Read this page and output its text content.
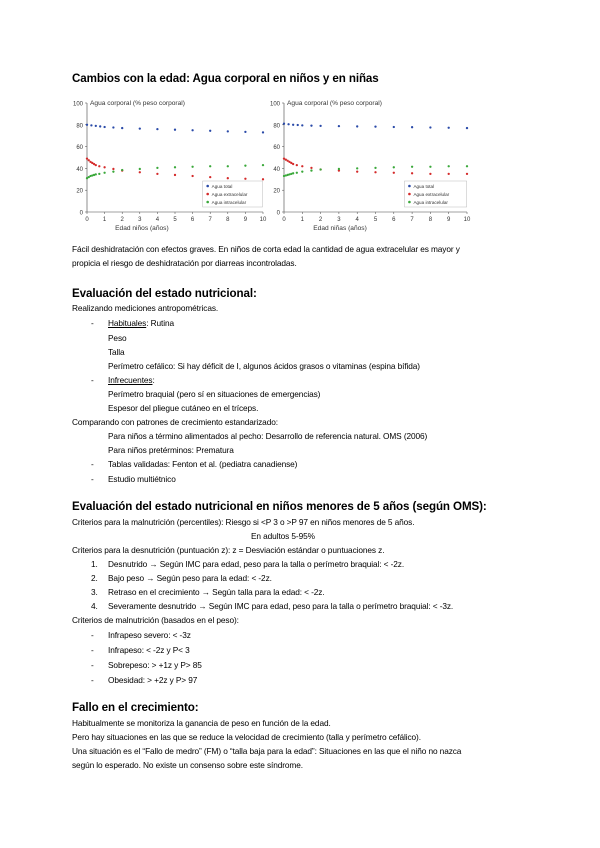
Cambios con la edad: Agua corporal en niños y en niñas
100
80
60
40
20
0
0 1 2 3 4 5 6 7 8 9 10
Agua corporal (% peso corporal)
Edad niños (años)
Agua total
Agua extracelular
Agua intracelular
100
80
60
40
20
0
0 1 2 3 4 5 6 7 8 9 10
Agua corporal (% peso corporal)
Edad niñas (años)
Agua total
Agua extracelular
Agua intracelular

Fácil deshidratación con efectos graves. En niños de corta edad la cantidad de agua extracelular es mayor y

propicia el riesgo de deshidratación por diarreas incontroladas.

Evaluación del estado nutricional:

Realizando mediciones antropométricas.

- Habituales: Rutina

Peso

Talla

Perímetro cefálico: Si hay déficit de I, algunos ácidos grasos o vitaminas (espina bífida)

- Infrecuentes:

Perímetro braquial (pero sí en situaciones de emergencias)

Espesor del pliegue cutáneo en el tríceps.

Comparando con patrones de crecimiento estandarizado:

Para niños a término alimentados al pecho: Desarrollo de referencia natural. OMS (2006)

Para niños pretérminos: Prematura

- Tablas validadas: Fenton et al. (pediatra canadiense)

- Estudio multiétnico

Evaluación del estado nutricional en niños menores de 5 años (según OMS):

Criterios para la malnutrición (percentiles): Riesgo si <P 3 o >P 97 en niños menores de 5 años.

En adultos 5-95%

Criterios para la desnutrición (puntuación z): z = Desviación estándar o puntuaciones z.

1. Desnutrido → Según IMC para edad, peso para la talla o perímetro braquial: < -2z.

2. Bajo peso → Según peso para la edad: < -2z.

3. Retraso en el crecimiento → Según talla para la edad: < -2z.

4. Severamente desnutrido → Según IMC para edad, peso para la talla o perímetro braquial: < -3z.

Criterios de malnutrición (basados en el peso):

- Infrapeso severo: < -3z

- Infrapeso: < -2z y P< 3

- Sobrepeso: > +1z y P> 85

- Obesidad: > +2z y P> 97

Fallo en el crecimiento:

Habitualmente se monitoriza la ganancia de peso en función de la edad.

Pero hay situaciones en las que se reduce la velocidad de crecimiento (talla y perímetro cefálico).

Una situación es el “Fallo de medro” (FM) o “talla baja para la edad”: Situaciones en las que el niño no nazca

según lo esperado. No existe un consenso sobre este síndrome.
